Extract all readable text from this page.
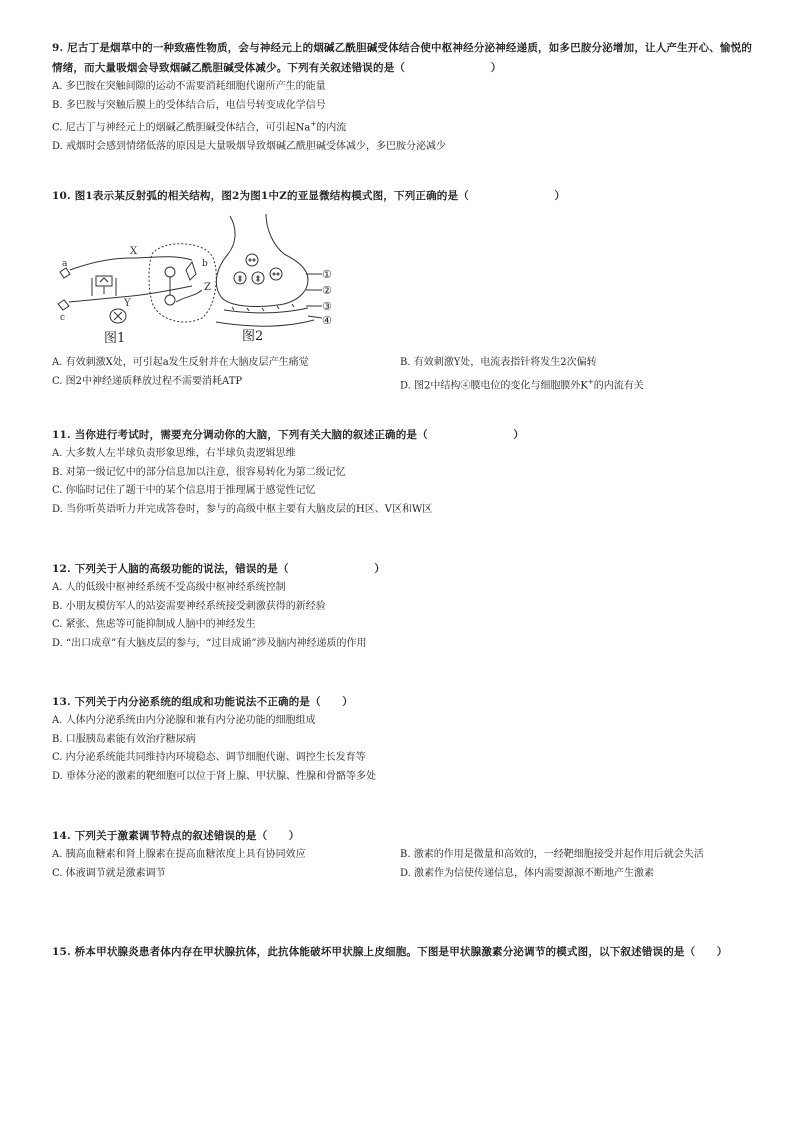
9. 尼古丁是烟草中的一种致癌性物质，会与神经元上的烟碱乙酰胆碱受体结合使中枢神经分泌神经递质，如多巴胺分泌增加，让人产生开心、愉悦的情绪，而大量吸烟会导致烟碱乙酰胆碱受体减少。下列有关叙述错误的是（　　　　　　　　）
A. 多巴胺在突触间隙的运动不需要消耗细胞代谢所产生的能量
B. 多巴胺与突触后膜上的受体结合后，电信号转变成化学信号
C. 尼古丁与神经元上的烟碱乙酰胆碱受体结合，可引起Na+的内流
D. 戒烟时会感到情绪低落的原因是大量吸烟导致烟碱乙酰胆碱受体减少，多巴胺分泌减少
10. 图1表示某反射弧的相关结构，图2为图1中Z的亚显微结构模式图，下列正确的是（　　　　　　　　）
a
c
X
Y
b
Z
图1
①
②
③
④
图2
A. 有效刺激X处，可引起a发生反射并在大脑皮层产生痛觉	B. 有效刺激Y处，电流表指针将发生2次偏转
C. 图2中神经递质释放过程不需要消耗ATP	D. 图2中结构④膜电位的变化与细胞膜外K+的内流有关
11. 当你进行考试时，需要充分调动你的大脑，下列有关大脑的叙述正确的是（　　　　　　　　）
A. 大多数人左半球负责形象思维，右半球负责逻辑思维
B. 对第一级记忆中的部分信息加以注意，很容易转化为第二级记忆
C. 你临时记住了题干中的某个信息用于推理属于感觉性记忆
D. 当你听英语听力并完成答卷时，参与的高级中枢主要有大脑皮层的H区、V区和W区
12. 下列关于人脑的高级功能的说法，错误的是（　　　　　　　　）
A. 人的低级中枢神经系统不受高级中枢神经系统控制
B. 小朋友模仿军人的站姿需要神经系统接受刺激获得的新经验
C. 紧张、焦虑等可能抑制成人脑中的神经发生
D. “出口成章”有大脑皮层的参与，“过目成诵”涉及脑内神经递质的作用
13. 下列关于内分泌系统的组成和功能说法不正确的是（　　）
A. 人体内分泌系统由内分泌腺和兼有内分泌功能的细胞组成
B. 口服胰岛素能有效治疗糖尿病
C. 内分泌系统能共同维持内环境稳态、调节细胞代谢、调控生长发育等
D. 垂体分泌的激素的靶细胞可以位于肾上腺、甲状腺、性腺和骨骼等多处
14. 下列关于激素调节特点的叙述错误的是（　　）
A. 胰高血糖素和肾上腺素在提高血糖浓度上具有协同效应	B. 激素的作用是微量和高效的，一经靶细胞接受并起作用后就会失活
C. 体液调节就是激素调节	D. 激素作为信使传递信息，体内需要源源不断地产生激素
15. 桥本甲状腺炎患者体内存在甲状腺抗体，此抗体能破坏甲状腺上皮细胞。下图是甲状腺激素分泌调节的模式图，以下叙述错误的是（　　）
